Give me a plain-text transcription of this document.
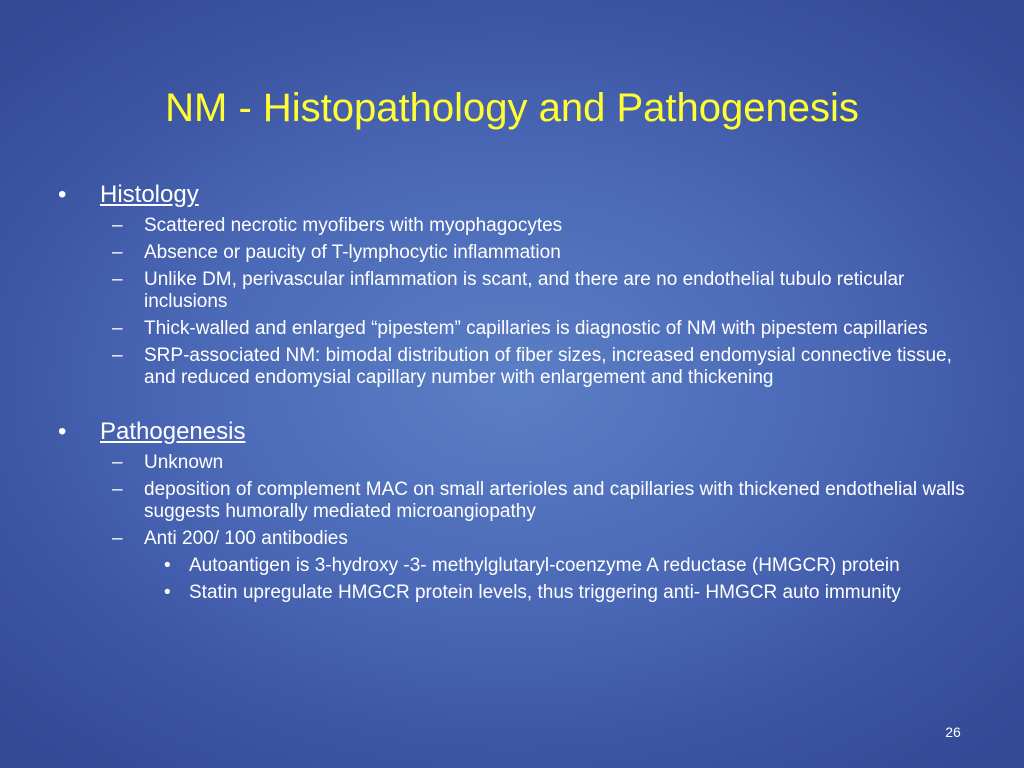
NM - Histopathology and Pathogenesis
• Histology
– Scattered necrotic myofibers with myophagocytes
– Absence or paucity of T-lymphocytic inflammation
– Unlike DM, perivascular inflammation is scant, and there are no endothelial tubulo reticular inclusions
– Thick-walled and enlarged “pipestem” capillaries is diagnostic of NM with pipestem capillaries
– SRP-associated NM: bimodal distribution of fiber sizes, increased endomysial connective tissue, and reduced endomysial capillary number with enlargement and thickening
• Pathogenesis
– Unknown
– deposition of complement MAC on small arterioles and capillaries with thickened endothelial walls suggests humorally mediated microangiopathy
– Anti 200/ 100 antibodies
• Autoantigen is 3-hydroxy -3- methylglutaryl-coenzyme A reductase (HMGCR) protein
• Statin upregulate HMGCR protein levels, thus triggering anti- HMGCR auto immunity
26
